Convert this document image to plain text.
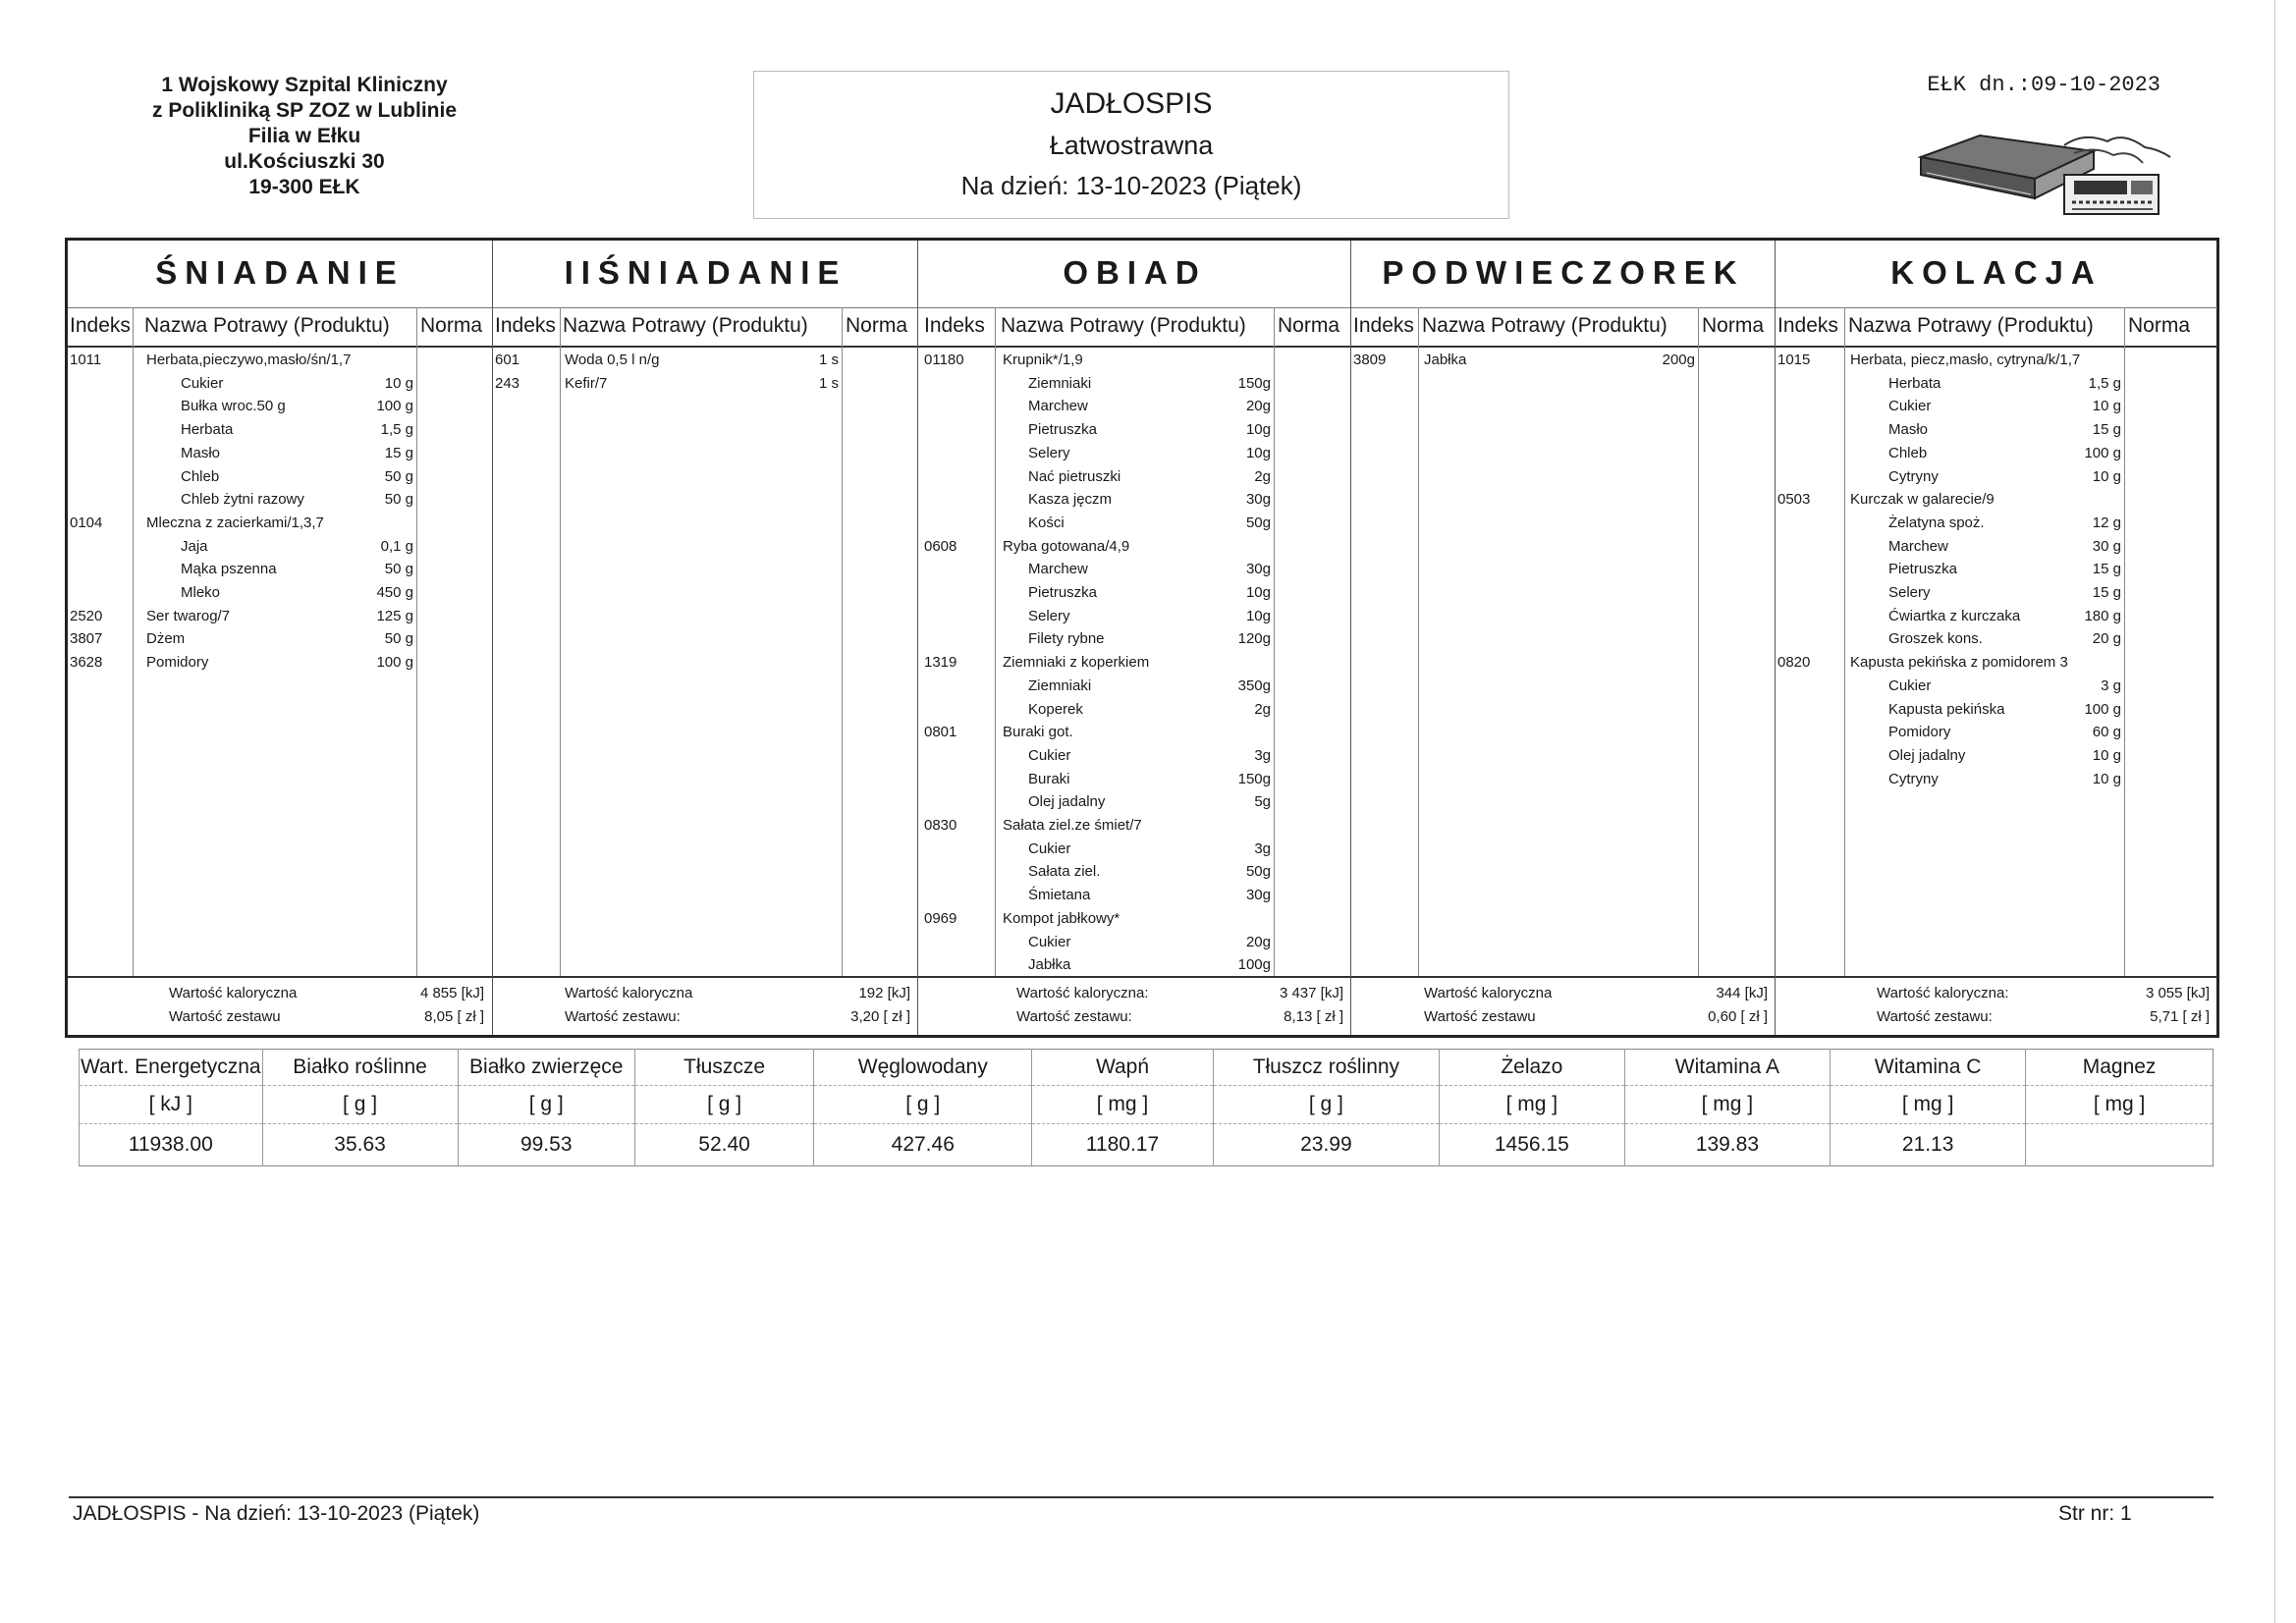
1 Wojskowy Szpital Kliniczny
z Polikliniką SP ZOZ w Lublinie
Filia w Ełku
ul.Kościuszki 30
19-300 EŁK
JADŁOSPIS
Łatwostrawna
Na dzień: 13-10-2023 (Piątek)
EŁK dn.:09-10-2023
ŚNIADANIE
Indeks Nazwa Potrawy (Produktu) Norma
1011	Herbata,pieczywo,masło/śn/1,7
Cukier	10 g
Bułka wroc.50 g	100 g
Herbata	1,5 g
Masło	15 g
Chleb	50 g
Chleb żytni razowy	50 g
0104	Mleczna z zacierkami/1,3,7
Jaja	0,1 g
Mąka pszenna	50 g
Mleko	450 g
2520	Ser twarog/7	125 g
3807	Dżem	50 g
3628	Pomidory	100 g
Wartość kaloryczna	4 855 [kJ]
Wartość zestawu	8,05 [ zł ]
IIŚNIADANIE
Indeks Nazwa Potrawy (Produktu) Norma
601	Woda 0,5 l n/g	1 s
243	Kefir/7	1 s
Wartość kaloryczna	192 [kJ]
Wartość zestawu:	3,20 [ zł ]
OBIAD
Indeks Nazwa Potrawy (Produktu) Norma
01180	Krupnik*/1,9
Ziemniaki	150g
Marchew	20g
Pietruszka	10g
Selery	10g
Nać pietruszki	2g
Kasza jęczm	30g
Kości	50g
0608	Ryba gotowana/4,9
Marchew	30g
Pietruszka	10g
Selery	10g
Filety rybne	120g
1319	Ziemniaki z koperkiem
Ziemniaki	350g
Koperek	2g
0801	Buraki got.
Cukier	3g
Buraki	150g
Olej jadalny	5g
0830	Sałata ziel.ze śmiet/7
Cukier	3g
Sałata ziel.	50g
Śmietana	30g
0969	Kompot jabłkowy*
Cukier	20g
Jabłka	100g
Wartość kaloryczna:	3 437 [kJ]
Wartość zestawu:	8,13 [ zł ]
PODWIECZOREK
Indeks Nazwa Potrawy (Produktu) Norma
3809	Jabłka	200g
Wartość kaloryczna	344 [kJ]
Wartość zestawu	0,60 [ zł ]
KOLACJA
Indeks Nazwa Potrawy (Produktu) Norma
1015	Herbata, piecz,masło, cytryna/k/1,7
Herbata	1,5 g
Cukier	10 g
Masło	15 g
Chleb	100 g
Cytryny	10 g
0503	Kurczak w galarecie/9
Żelatyna spoż.	12 g
Marchew	30 g
Pietruszka	15 g
Selery	15 g
Ćwiartka z kurczaka	180 g
Groszek kons.	20 g
0820	Kapusta pekińska z pomidorem 3
Cukier	3 g
Kapusta pekińska	100 g
Pomidory	60 g
Olej jadalny	10 g
Cytryny	10 g
Wartość kaloryczna:	3 055 [kJ]
Wartość zestawu:	5,71 [ zł ]
Wart. Energetyczna	Białko roślinne	Białko zwierzęce	Tłuszcze	Węglowodany	Wapń	Tłuszcz roślinny	Żelazo	Witamina A	Witamina C	Magnez
[ kJ ]	[ g ]	[ g ]	[ g ]	[ g ]	[ mg ]	[ g ]	[ mg ]	[ mg ]	[ mg ]	[ mg ]
11938.00	35.63	99.53	52.40	427.46	1180.17	23.99	1456.15	139.83	21.13	
JADŁOSPIS - Na dzień: 13-10-2023 (Piątek)	Str nr: 1
